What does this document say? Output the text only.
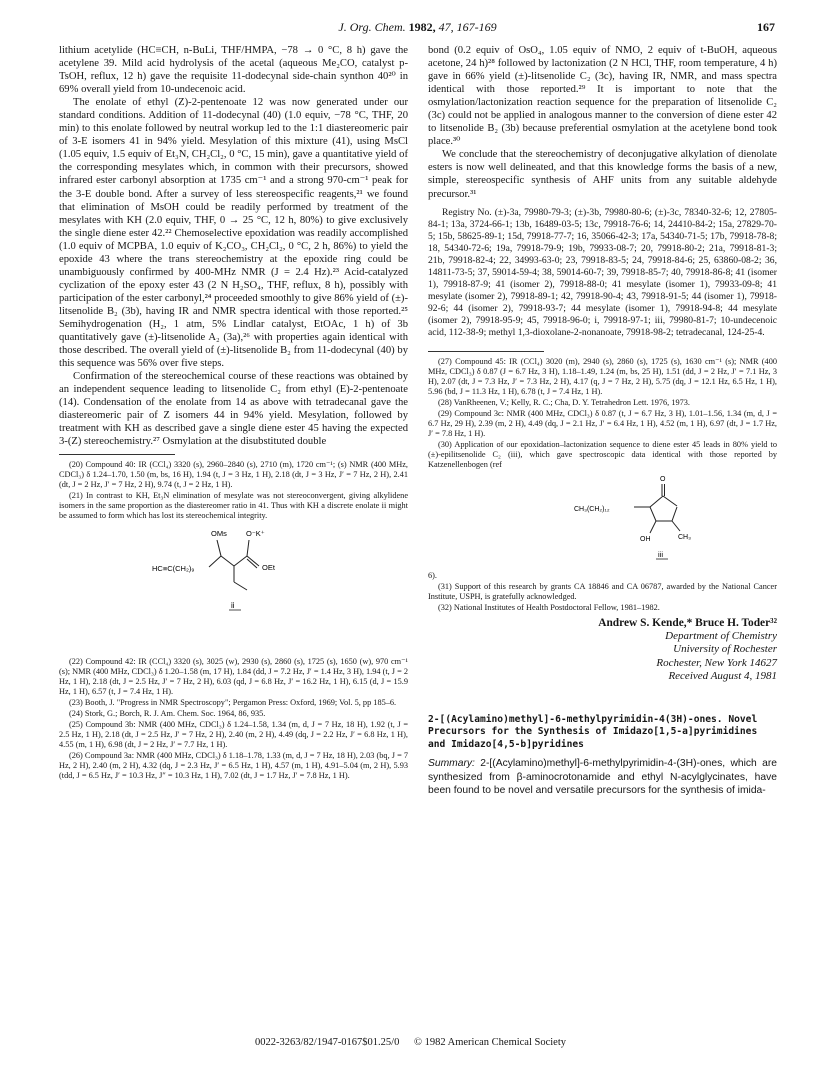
J. Org. Chem. 1982, 47, 167-169	167

lithium acetylide (HC≡CH, n-BuLi, THF/HMPA, −78 → 0 °C, 8 h) gave the acetylene 39. Mild acid hydrolysis of the acetal (aqueous Me₂CO, catalyst p-TsOH, reflux, 12 h) gave the requisite 11-dodecynal side-chain synthon 40²⁰ in 69% overall yield from 10-undecenoic acid.

The enolate of ethyl (Z)-2-pentenoate 12 was now generated under our standard conditions. Addition of 11-dodecynal (40) (1.0 equiv, −78 °C, THF, 20 min) to this enolate followed by neutral workup led to the 1:1 diastereomeric pair of 3-E isomers 41 in 94% yield. Mesylation of this mixture (41), using MsCl (1.05 equiv, 1.5 equiv of Et₃N, CH₂Cl₂, 0 °C, 15 min), gave a quantitative yield of the corresponding mesylates which, in common with their precursors, showed infrared ester carbonyl absorption at 1735 cm⁻¹ and a strong 970-cm⁻¹ peak for the 3-E double bond. After a survey of less stereospecific reagents,²¹ we found that elimination of MsOH could be readily performed by treatment of the mesylates with KH (2.0 equiv, THF, 0 → 25 °C, 12 h, 80%) to give exclusively the single diene ester 42.²² Chemoselective epoxidation was readily accomplished (1.0 equiv of MCPBA, 1.0 equiv of K₂CO₃, CH₂Cl₂, 0 °C, 2 h, 86%) to yield the epoxide 43 where the trans stereochemistry at the epoxide ring could be unambiguously confirmed by 400-MHz NMR (J = 2.4 Hz).²³ Acid-catalyzed cyclization of the epoxy ester 43 (2 N H₂SO₄, THF, reflux, 8 h), possibly with participation of the ester carbonyl,²⁴ proceeded smoothly to give 86% yield of (±)-litsenolide B₂ (3b), having IR and NMR spectra identical with those reported.²⁵ Semihydrogenation (H₂, 1 atm, 5% Lindlar catalyst, EtOAc, 1 h) of 3b quantitatively gave (±)-litsenolide A₂ (3a),²⁶ with properties again identical with those described. The overall yield of (±)-litsenolide B₂ from 11-dodecynal (40) by this sequence was 56% over five steps.

Confirmation of the stereochemical course of these reactions was obtained by an independent sequence leading to litsenolide C₂ from ethyl (E)-2-pentenoate (14). Condensation of the enolate from 14 as above with tetradecanal gave the diastereomeric pair of Z isomers 44 in 94% yield. Mesylation, followed by treatment with KH as described gave a single diene ester 45 having the expected 3-(Z) stereochemistry.²⁷ Osmylation at the disubstituted double

(20) Compound 40: IR (CCl₄) 3320 (s), 2960–2840 (s), 2710 (m), 1720 cm⁻¹; (s) NMR (400 MHz, CDCl₃) δ 1.24–1.70, 1.50 (m, bs, 16 H), 1.94 (t, J = 3 Hz, 1 H), 2.18 (dt, J = 3 Hz, J′ = 7 Hz, 2 H), 2.41 (dt, J = 2 Hz, J′ = 7 Hz, 2 H), 9.74 (t, J = 2 Hz, 1 H).

(21) In contrast to KH, Et₃N elimination of mesylate was not stereoconvergent, giving alkylidene isomers in the same proportion as the diastereomer ratio in 41. Thus with KH a discrete enolate ii might be assumed to form which has lost its stereochemical integrity.

OMs	O⁻K⁺
OEt
HC≡C(CH₂)₉
ii

(22) Compound 42: IR (CCl₄) 3320 (s), 3025 (w), 2930 (s), 2860 (s), 1725 (s), 1650 (w), 970 cm⁻¹ (s); NMR (400 MHz, CDCl₃) δ 1.20–1.58 (m, 17 H), 1.84 (dd, J = 7.2 Hz, J′ = 1.4 Hz, 3 H), 1.94 (t, J = 2 Hz, 1 H), 2.18 (dt, J = 2.5 Hz, J′ = 7 Hz, 2 H), 6.03 (qd, J = 6.8 Hz, J′ = 16.2 Hz, 1 H), 6.15 (d, J = 15.9 Hz, 1 H), 6.57 (t, J = 7.4 Hz, 1 H).

(23) Booth, J. "Progress in NMR Spectroscopy"; Pergamon Press: Oxford, 1969; Vol. 5, pp 185–6.

(24) Stork, G.; Borch, R. J. Am. Chem. Soc. 1964, 86, 935.

(25) Compound 3b: NMR (400 MHz, CDCl₃) δ 1.24–1.58, 1.34 (m, d, J = 7 Hz, 18 H), 1.92 (t, J = 2.5 Hz, 1 H), 2.18 (dt, J = 2.5 Hz, J′ = 7 Hz, 2 H), 2.40 (m, 2 H), 4.49 (dq, J = 2.2 Hz, J′ = 6.8 Hz, 1 H), 4.55 (m, 1 H), 6.98 (dt, J = 2 Hz, J′ = 7.7 Hz, 1 H).

(26) Compound 3a: NMR (400 MHz, CDCl₃) δ 1.18–1.78, 1.33 (m, d, J = 7 Hz, 18 H), 2.03 (bq, J = 7 Hz, 2 H), 2.40 (m, 2 H), 4.32 (dq, J = 2.3 Hz, J′ = 6.5 Hz, 1 H), 4.57 (m, 1 H), 4.91–5.04 (m, 2 H), 5.93 (tdd, J = 6.5 Hz, J′ = 10.3 Hz, J″ = 10.3 Hz, 1 H), 7.02 (dt, J = 1.7 Hz, J′ = 7.8 Hz, 1 H).

bond (0.2 equiv of OsO₄, 1.05 equiv of NMO, 2 equiv of t-BuOH, aqueous acetone, 24 h)²⁸ followed by lactonization (2 N HCl, THF, room temperature, 4 h) gave in 66% yield (±)-litsenolide C₂ (3c), having IR, NMR, and mass spectra identical with those reported.²⁹ It is important to note that the osmylation/lactonization reaction sequence for the preparation of litsenolide C₂ (3c) could not be applied in analogous manner to the conversion of diene ester 42 to litsenolide B₂ (3b) because preferential osmylation at the acetylene bond took place.³⁰

We conclude that the stereochemistry of deconjugative alkylation of dienolate esters is now well delineated, and that this knowledge forms the basis of a new, simple, stereospecific synthesis of AHF units from any suitable aldehyde precursor.³¹

Registry No. (±)-3a, 79980-79-3; (±)-3b, 79980-80-6; (±)-3c, 78340-32-6; 12, 27805-84-1; 13a, 3724-66-1; 13b, 16489-03-5; 13c, 79918-76-6; 14, 24410-84-2; 15a, 27829-70-5; 15b, 58625-89-1; 15d, 79918-77-7; 16, 35066-42-3; 17a, 54340-71-5; 17b, 79918-78-8; 18, 54340-72-6; 19a, 79918-79-9; 19b, 79933-08-7; 20, 79918-80-2; 21a, 79918-81-3; 21b, 79918-82-4; 22, 34993-63-0; 23, 79918-83-5; 24, 79918-84-6; 25, 63860-08-2; 36, 14811-73-5; 37, 59014-59-4; 38, 59014-60-7; 39, 79918-85-7; 40, 79918-86-8; 41 (isomer 1), 79918-87-9; 41 (isomer 2), 79918-88-0; 41 mesylate (isomer 1), 79933-09-8; 41 mesylate (isomer 2), 79918-89-1; 42, 79918-90-4; 43, 79918-91-5; 44 (isomer 1), 79918-92-6; 44 (isomer 2), 79918-93-7; 44 mesylate (isomer 1), 79918-94-8; 44 mesylate (isomer 2), 79918-95-9; 45, 79918-96-0; i, 79918-97-1; iii, 79980-81-7; 10-undecenoic acid, 112-38-9; methyl 1,3-dioxolane-2-nonanoate, 79918-98-2; tetradecanal, 124-25-4.

(27) Compound 45: IR (CCl₄) 3020 (m), 2940 (s), 2860 (s), 1725 (s), 1630 cm⁻¹ (s); NMR (400 MHz, CDCl₃) δ 0.87 (J = 6.7 Hz, 3 H), 1.18–1.49, 1.24 (m, bs, 25 H), 1.51 (dd, J = 2 Hz, J′ = 7.1 Hz, 3 H), 2.07 (dt, J = 7.3 Hz, J′ = 7.3 Hz, 2 H), 4.17 (q, J = 7 Hz, 2 H), 5.75 (dq, J = 12.1 Hz, 6.5 Hz, 1 H), 5.96 (bd, J = 11.3 Hz, 1 H), 6.78 (t, J = 7.4 Hz, 1 H).

(28) VanRheenen, V.; Kelly, R. C.; Cha, D. Y. Tetrahedron Lett. 1976, 1973.

(29) Compound 3c: NMR (400 MHz, CDCl₃) δ 0.87 (t, J = 6.7 Hz, 3 H), 1.01–1.56, 1.34 (m, d, J = 6.7 Hz, 29 H), 2.39 (m, 2 H), 4.49 (dq, J = 2.1 Hz, J′ = 6.4 Hz, 1 H), 4.52 (m, 1 H), 6.97 (dt, J = 1.7 Hz, J′ = 7.8 Hz, 1 H).

(30) Application of our epoxidation–lactonization sequence to diene ester 45 leads in 80% yield to (±)-epilitsenolide C₂ (iii), which gave spectroscopic data identical with those reported by Katzenellenbogen (ref

O
CH₃(CH₂)₁₂
OH	CH₃
iii

6).

(31) Support of this research by grants CA 18846 and CA 06787, awarded by the National Cancer Institute, USPH, is gratefully acknowledged.

(32) National Institutes of Health Postdoctoral Fellow, 1981–1982.

Andrew S. Kende,* Bruce H. Toder³²
Department of Chemistry
University of Rochester
Rochester, New York 14627
Received August 4, 1981
2-[(Acylamino)methyl]-6-methylpyrimidin-4(3H)-ones. Novel Precursors for the Synthesis of Imidazo[1,5-a]pyrimidines and Imidazo[4,5-b]pyridines
Summary: 2-[(Acylamino)methyl]-6-methylpyrimidin-4-(3H)-ones, which are synthesized from β-aminocrotonamide and ethyl N-acylglycinates, have been found to be novel and versatile precursors for the synthesis of imida-
0022-3263/82/1947-0167$01.25/0 © 1982 American Chemical Society
